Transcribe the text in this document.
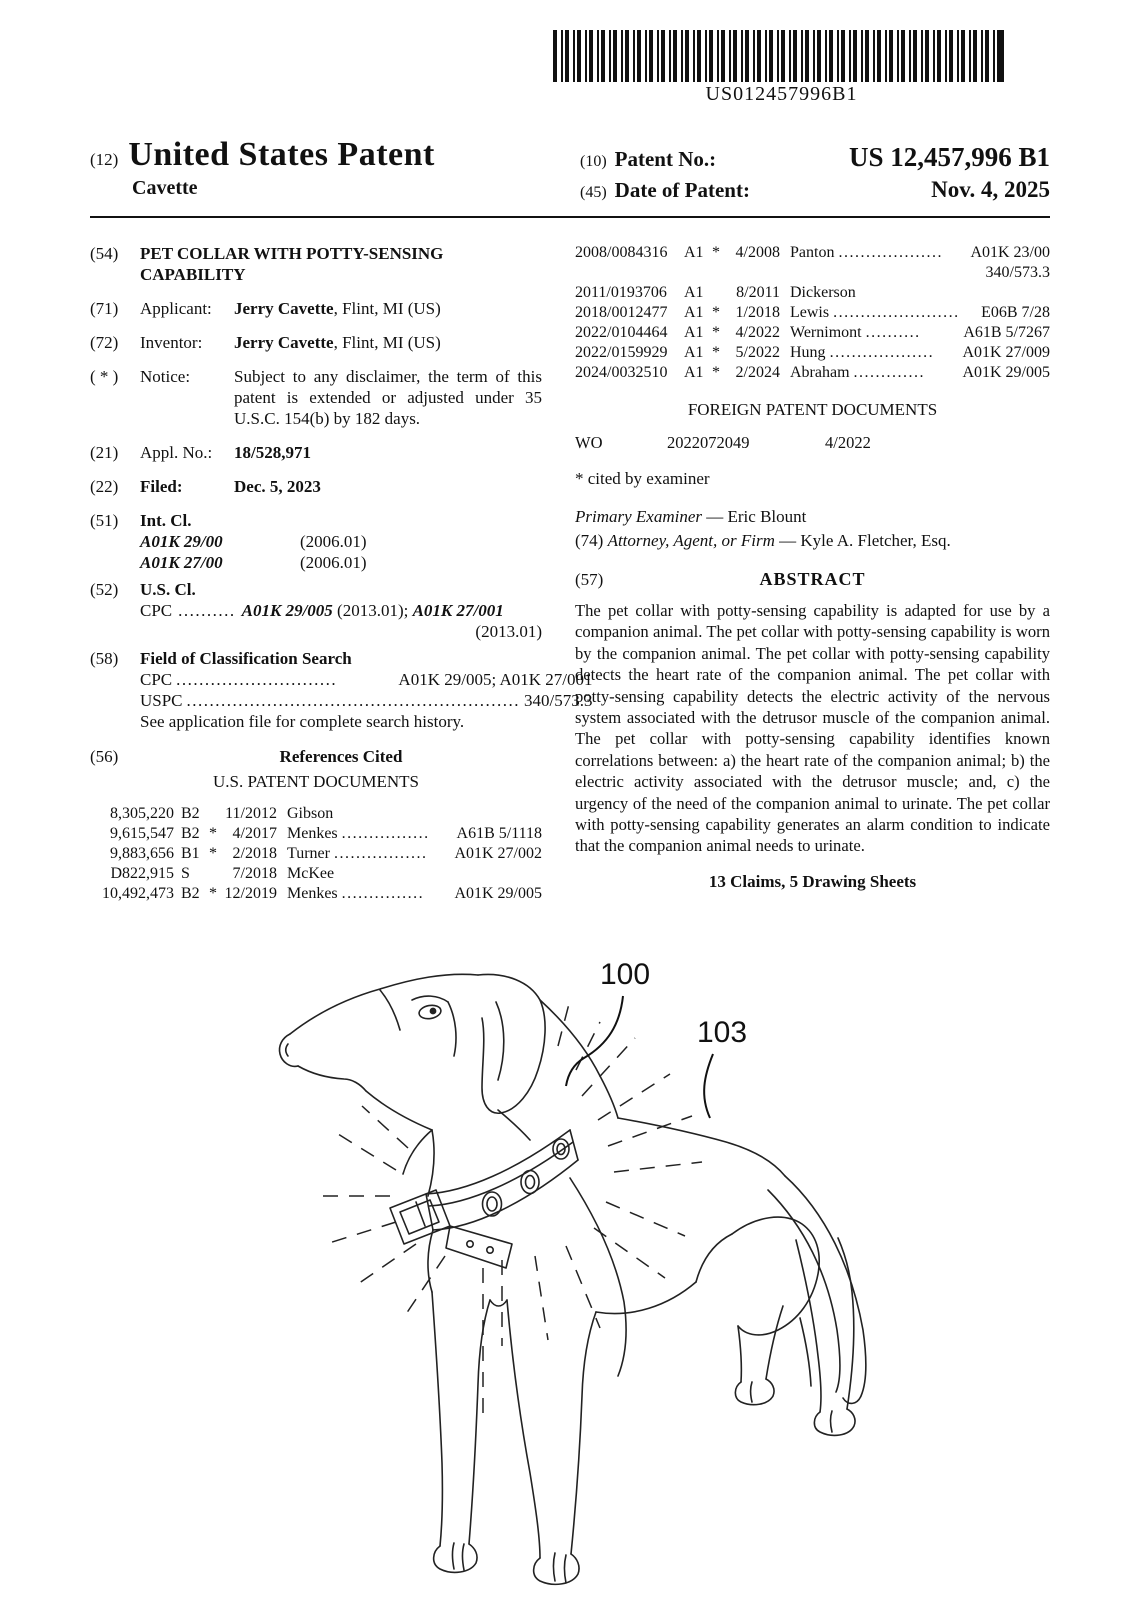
US012457996B1
(12) United States Patent
Cavette
(10) Patent No.:	US 12,457,996 B1
(45) Date of Patent:	Nov. 4, 2025
(54)	PET COLLAR WITH POTTY-SENSING CAPABILITY
(71)	Applicant: Jerry Cavette, Flint, MI (US)
(72)	Inventor: Jerry Cavette, Flint, MI (US)
( * )	Notice:	Subject to any disclaimer, the term of this patent is extended or adjusted under 35 U.S.C. 154(b) by 182 days.
(21)	Appl. No.: 18/528,971
(22)	Filed:	Dec. 5, 2023
(51)	Int. Cl.
A01K 29/00	(2006.01)
A01K 27/00	(2006.01)
(52)	U.S. Cl.
CPC .......... A01K 29/005 (2013.01); A01K 27/001
(2013.01)
(58)	Field of Classification Search
CPC ............................	A01K 29/005; A01K 27/001
USPC .......................................................... 340/573.3
See application file for complete search history.
(56)	References Cited
U.S. PATENT DOCUMENTS
8,305,220 B2	11/2012 Gibson
9,615,547 B2 * 4/2017 Menkes ................	A61B 5/1118
9,883,656 B1 * 2/2018 Turner .................	A01K 27/002
D822,915 S	7/2018 McKee
10,492,473 B2 * 12/2019 Menkes ...............	A01K 29/005
2008/0084316	A1 * 4/2008 Panton ...................	A01K 23/00
340/573.3
2011/0193706	A1	8/2011 Dickerson
2018/0012477	A1 * 1/2018 Lewis .......................	E06B 7/28
2022/0104464	A1 * 4/2022 Wernimont ..........	A61B 5/7267
2022/0159929	A1 * 5/2022 Hung ...................	A01K 27/009
2024/0032510	A1 * 2/2024 Abraham .............	A01K 29/005
FOREIGN PATENT DOCUMENTS
WO	2022072049	4/2022
* cited by examiner
Primary Examiner — Eric Blount
(74) Attorney, Agent, or Firm — Kyle A. Fletcher, Esq.
(57)	ABSTRACT
The pet collar with potty-sensing capability is adapted for use by a companion animal. The pet collar with potty-sensing capability is worn by the companion animal. The pet collar with potty-sensing capability detects the heart rate of the companion animal. The pet collar with potty-sensing capability detects the electric activity of the nervous system associated with the detrusor muscle of the companion animal. The pet collar with potty-sensing capability identifies known correlations between: a) the heart rate of the companion animal; b) the electric activity associated with the detrusor muscle; and, c) the urgency of the need of the companion animal to urinate. The pet collar with potty-sensing capability generates an alarm condition to indicate that the companion animal needs to urinate.
13 Claims, 5 Drawing Sheets
100
103
